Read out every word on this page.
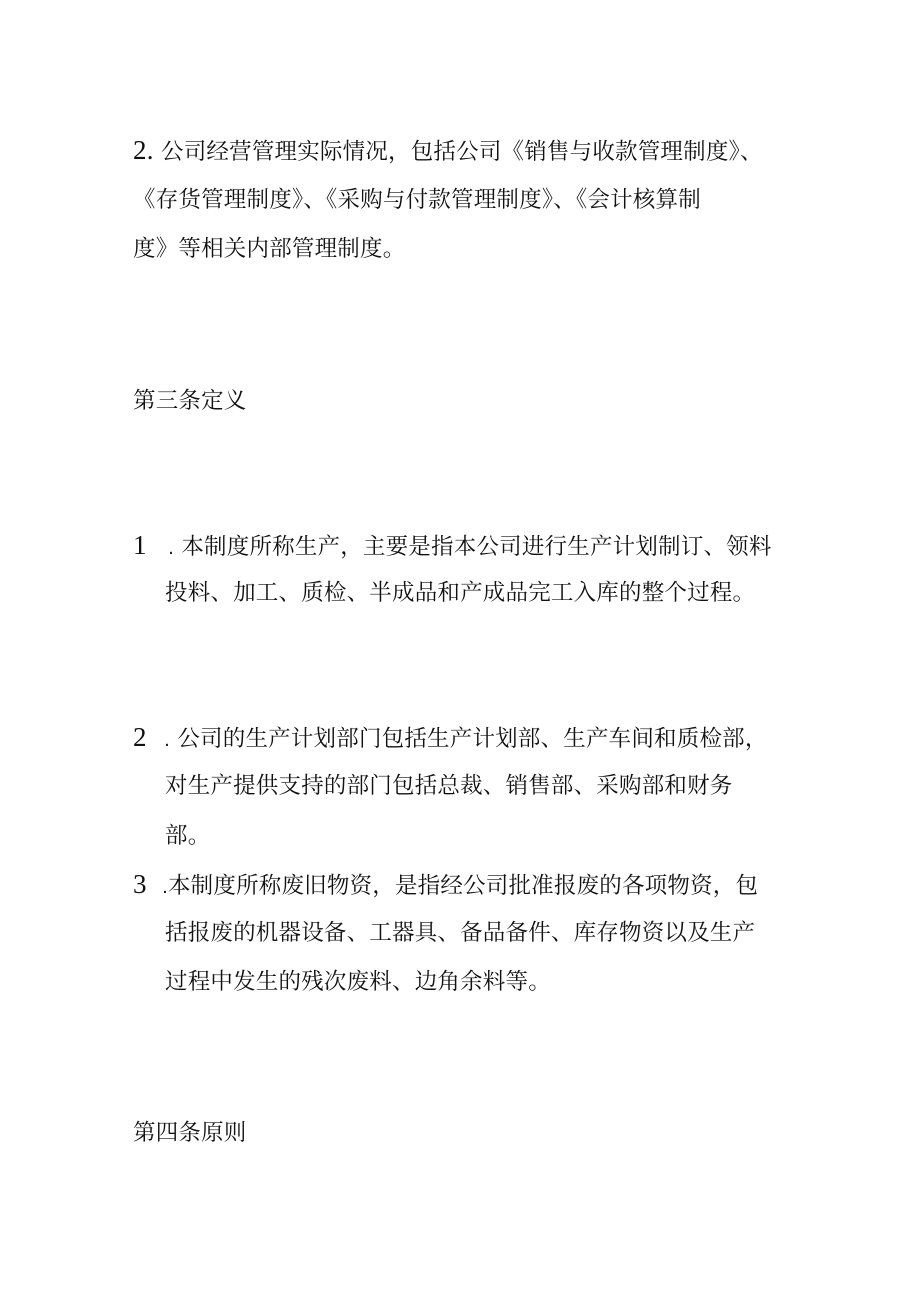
2. 公司经营管理实际情况，包括公司《销售与收款管理制度》、
《存货管理制度》、《采购与付款管理制度》、《会计核算制
度》等相关内部管理制度。
第三条定义
1 . 本制度所称生产，主要是指本公司进行生产计划制订、领料
投料、加工、质检、半成品和产成品完工入库的整个过程。
2 . 公司的生产计划部门包括生产计划部、生产车间和质检部，
对生产提供支持的部门包括总裁、销售部、采购部和财务
部。
3 .本制度所称废旧物资，是指经公司批准报废的各项物资，包
括报废的机器设备、工器具、备品备件、库存物资以及生产
过程中发生的残次废料、边角余料等。
第四条原则
